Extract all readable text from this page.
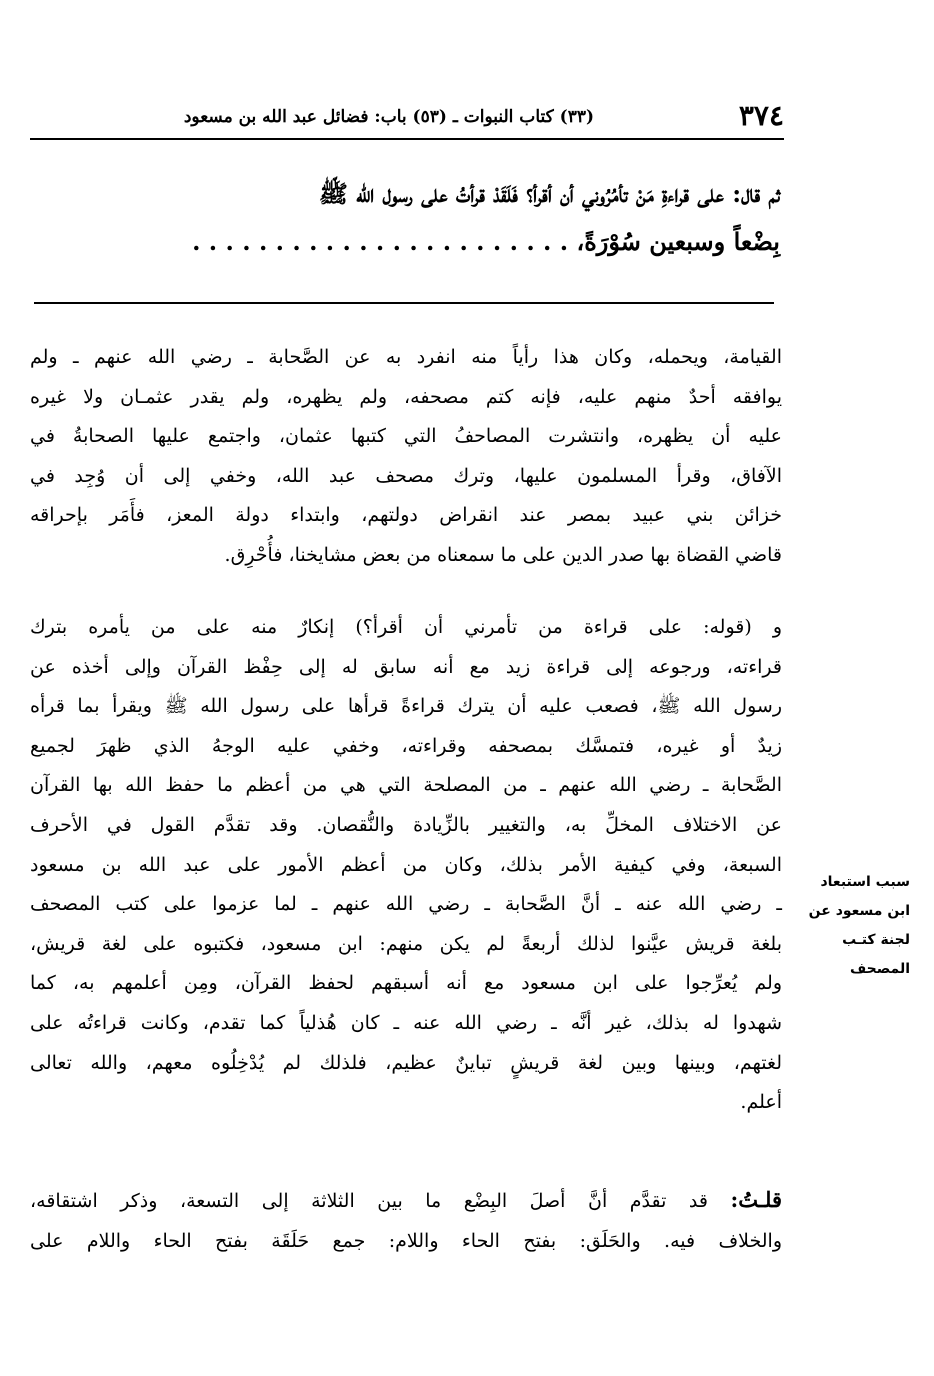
٣٧٤
(٣٣) كتاب النبوات ـ (٥٣) باب: فضائل عبد الله بن مسعود
ثم قال: على قراءةِ مَنْ تأمُرُوني أن أقرأ؟ فَلَقَدْ قرأتُ على رسول الله ﷺ
بِضْعاً وسبعين سُوْرَةً، . . . . . . . . . . . . . . . . . . . . . . .
القيامة، ويحمله، وكان هذا رأياً منه انفرد به عن الصَّحابة ـ رضي الله عنهم ـ ولم
يوافقه أحدٌ منهم عليه، فإنه كتم مصحفه، ولم يظهره، ولم يقدر عثمـان ولا غيره
عليه أن يظهره، وانتشرت المصاحفُ التي كتبها عثمان، واجتمع عليها الصحابةُ في
الآفاق، وقرأ المسلمون عليها، وترك مصحف عبد الله، وخفي إلى أن وُجِد في
خزائن بني عبيد بمصر عند انقراض دولتهم، وابتداء دولة المعز، فأَمَر بإحراقه
قاضي القضاة بها صدر الدين على ما سمعناه من بعض مشايخنا، فأُحْرِق.
و (قوله: على قراءة من تأمرني أن أقرأ؟) إنكارٌ منه على من يأمره بترك
قراءته، ورجوعه إلى قراءة زيد مع أنه سابق له إلى حِفْظ القرآن وإلى أخذه عن
رسول الله ﷺ، فصعب عليه أن يترك قراءةً قرأها على رسول الله ﷺ ويقرأ بما قرأه
زيدٌ أو غيره، فتمسَّك بمصحفه وقراءته، وخفي عليه الوجهُ الذي ظهرَ لجميع
الصَّحابة ـ رضي الله عنهم ـ من المصلحة التي هي من أعظم ما حفظ الله بها القرآن
عن الاختلاف المخلِّ به، والتغيير بالزِّيادة والنُّقصان. وقد تقدَّم القول في الأحرف
السبعة، وفي كيفية الأمر بذلك، وكان من أعظم الأمور على عبد الله بن مسعود
ـ رضي الله عنه ـ أنَّ الصَّحابة ـ رضي الله عنهم ـ لما عزموا على كتب المصحف
بلغة قريش عيَّنوا لذلك أربعةً لم يكن منهم: ابن مسعود، فكتبوه على لغة قريش،
ولم يُعرِّجوا على ابن مسعود مع أنه أسبقهم لحفظ القرآن، ومِن أعلمهم به، كما
شهدوا له بذلك، غير أنَّه ـ رضي الله عنه ـ كان هُذلياً كما تقدم، وكانت قراءتُه على
لغتهم، وبينها وبين لغة قريشٍ تباينٌ عظيم، فلذلك لم يُدْخِلُوه معهم، والله تعالى
أعلم.
سبب استبعاد
ابن مسعود عن
لجنة كتـب
المصحف
قلـتُ: قد تقدَّم أنَّ أصلَ البِضْع ما بين الثلاثة إلى التسعة، وذكر اشتقاقه،
والخلاف فيه. والحَلَق: بفتح الحاء واللام: جمع حَلَقَة بفتح الحاء واللام على
